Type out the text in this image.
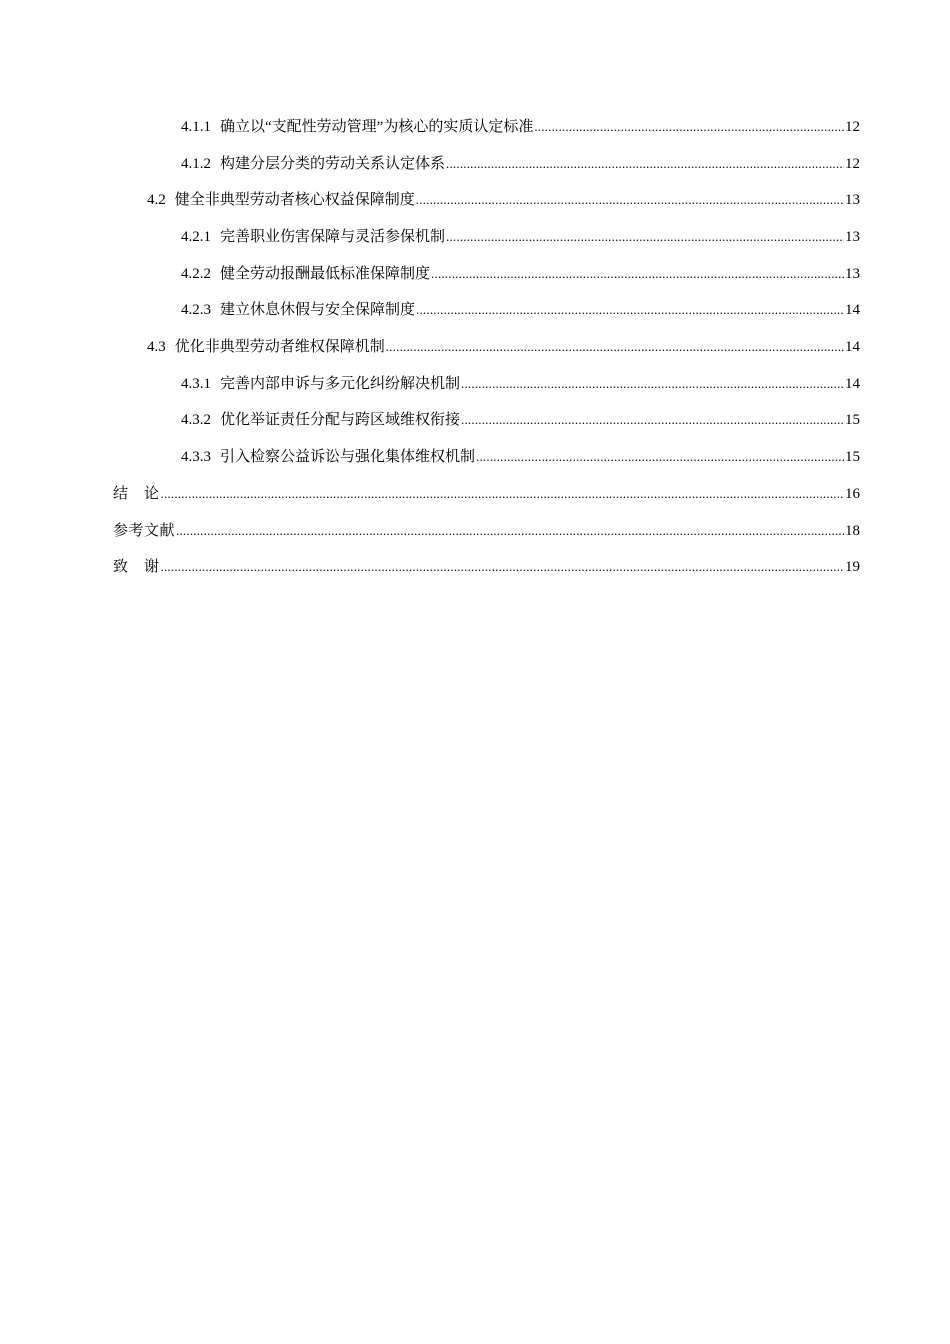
4.1.1 确立以“支配性劳动管理”为核心的实质认定标准 .....	12
4.1.2 构建分层分类的劳动关系认定体系 .....	12
4.2 健全非典型劳动者核心权益保障制度 .....	13
4.2.1 完善职业伤害保障与灵活参保机制 .....	13
4.2.2 健全劳动报酬最低标准保障制度 .....	13
4.2.3 建立休息休假与安全保障制度 .....	14
4.3 优化非典型劳动者维权保障机制 .....	14
4.3.1 完善内部申诉与多元化纠纷解决机制 .....	14
4.3.2 优化举证责任分配与跨区域维权衔接 .....	15
4.3.3 引入检察公益诉讼与强化集体维权机制 .....	15
结　论 .....	16
参考文献 .....	18
致　谢 .....	19
